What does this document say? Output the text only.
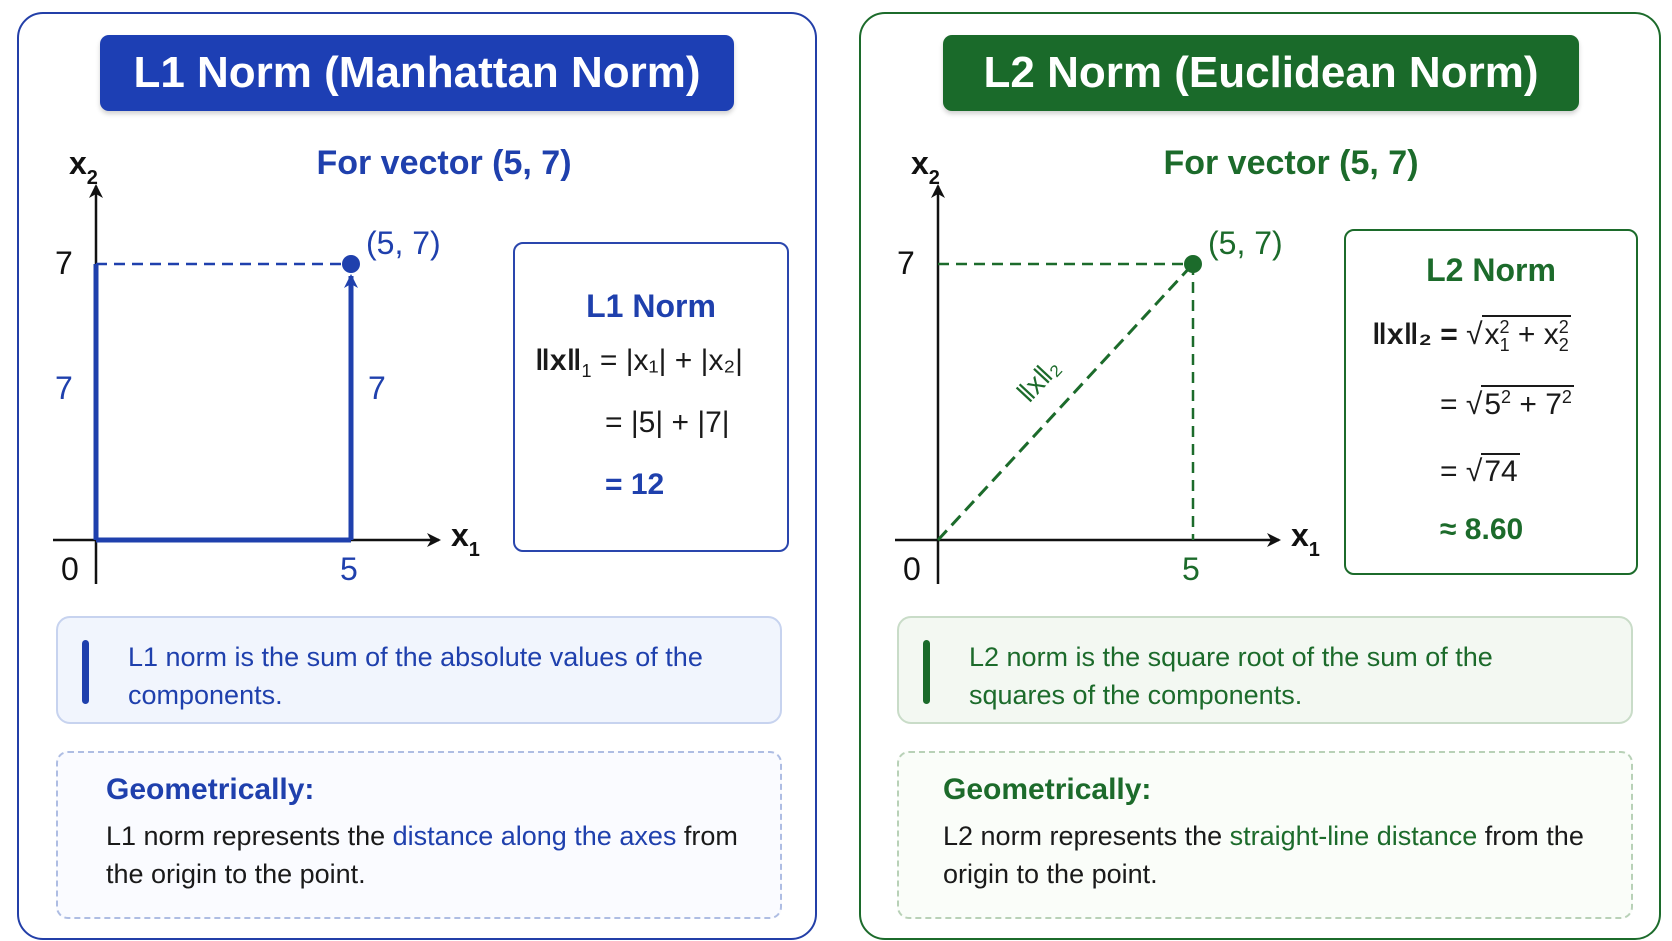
L1 Norm (Manhattan Norm)
For vector (5, 7)
$x_2$
$x_1$
7
0	5
7	7
(5, 7)
L1 Norm
$‖x‖_1 = |x_1| + |x_2|$
= |5| + |7|
= 12
L1 norm is the sum of the absolute values of the components.
Geometrically:
L1 norm represents the distance along the axes from the origin to the point.
L2 Norm (Euclidean Norm)
For vector (5, 7)
$x_2$
$x_1$
7
0	5
(5, 7)
‖x‖₂
L2 Norm
‖x‖₂ = $√x^2_1 + x^2_2$
= $√5^2 + 7^2$
= √74
≈ 8.60
L2 norm is the square root of the sum of the squares of the components.
Geometrically:
L2 norm represents the straight-line distance from the origin to the point.
